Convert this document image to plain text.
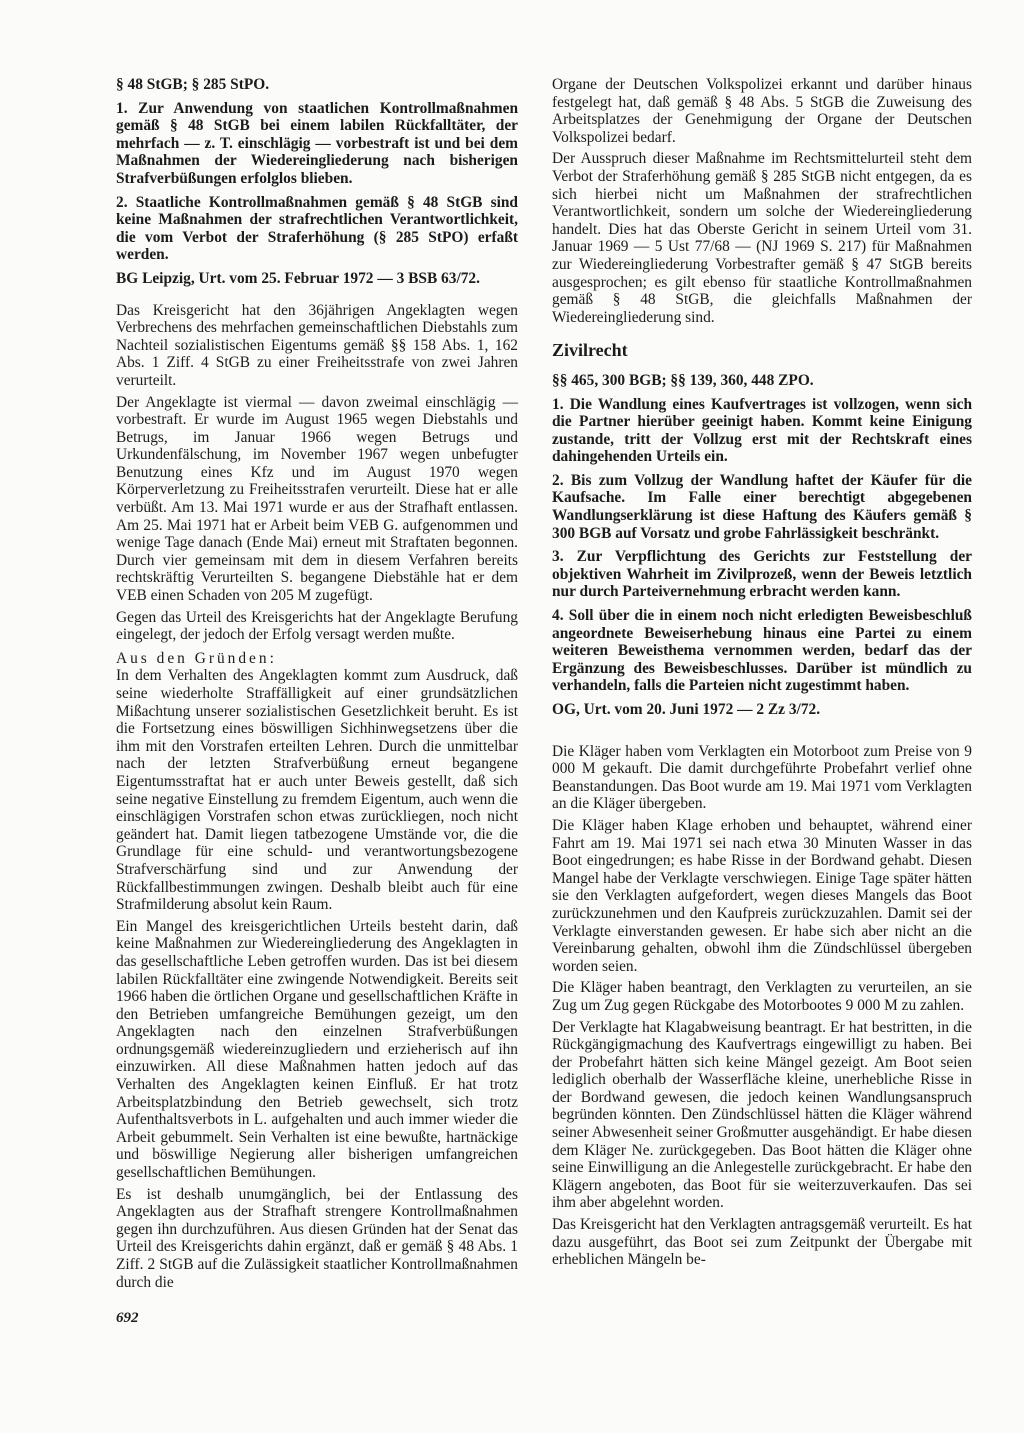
§ 48 StGB; § 285 StPO.

1. Zur Anwendung von staatlichen Kontrollmaßnahmen gemäß § 48 StGB bei einem labilen Rückfalltäter, der mehrfach — z. T. einschlägig — vorbestraft ist und bei dem Maßnahmen der Wiedereingliederung nach bisherigen Strafverbüßungen erfolglos blieben.

2. Staatliche Kontrollmaßnahmen gemäß § 48 StGB sind keine Maßnahmen der strafrechtlichen Verantwortlichkeit, die vom Verbot der Straferhöhung (§ 285 StPO) erfaßt werden.

BG Leipzig, Urt. vom 25. Februar 1972 — 3 BSB 63/72.

Das Kreisgericht hat den 36jährigen Angeklagten wegen Verbrechens des mehrfachen gemeinschaftlichen Diebstahls zum Nachteil sozialistischen Eigentums gemäß §§ 158 Abs. 1, 162 Abs. 1 Ziff. 4 StGB zu einer Freiheitsstrafe von zwei Jahren verurteilt.

Der Angeklagte ist viermal — davon zweimal einschlägig — vorbestraft. Er wurde im August 1965 wegen Diebstahls und Betrugs, im Januar 1966 wegen Betrugs und Urkundenfälschung, im November 1967 wegen unbefugter Benutzung eines Kfz und im August 1970 wegen Körperverletzung zu Freiheitsstrafen verurteilt. Diese hat er alle verbüßt. Am 13. Mai 1971 wurde er aus der Strafhaft entlassen. Am 25. Mai 1971 hat er Arbeit beim VEB G. aufgenommen und wenige Tage danach (Ende Mai) erneut mit Straftaten begonnen. Durch vier gemeinsam mit dem in diesem Verfahren bereits rechtskräftig Verurteilten S. begangene Diebstähle hat er dem VEB einen Schaden von 205 M zugefügt.

Gegen das Urteil des Kreisgerichts hat der Angeklagte Berufung eingelegt, der jedoch der Erfolg versagt werden mußte.

Aus den Gründen:

In dem Verhalten des Angeklagten kommt zum Ausdruck, daß seine wiederholte Straffälligkeit auf einer grundsätzlichen Mißachtung unserer sozialistischen Gesetzlichkeit beruht. Es ist die Fortsetzung eines böswilligen Sichhinwegsetzens über die ihm mit den Vorstrafen erteilten Lehren. Durch die unmittelbar nach der letzten Strafverbüßung erneut begangene Eigentumsstraftat hat er auch unter Beweis gestellt, daß sich seine negative Einstellung zu fremdem Eigentum, auch wenn die einschlägigen Vorstrafen schon etwas zurückliegen, noch nicht geändert hat. Damit liegen tatbezogene Umstände vor, die die Grundlage für eine schuld- und verantwortungsbezogene Strafverschärfung sind und zur Anwendung der Rückfallbestimmungen zwingen. Deshalb bleibt auch für eine Strafmilderung absolut kein Raum.

Ein Mangel des kreisgerichtlichen Urteils besteht darin, daß keine Maßnahmen zur Wiedereingliederung des Angeklagten in das gesellschaftliche Leben getroffen wurden. Das ist bei diesem labilen Rückfalltäter eine zwingende Notwendigkeit. Bereits seit 1966 haben die örtlichen Organe und gesellschaftlichen Kräfte in den Betrieben umfangreiche Bemühungen gezeigt, um den Angeklagten nach den einzelnen Strafverbüßungen ordnungsgemäß wiedereinzugliedern und erzieherisch auf ihn einzuwirken. All diese Maßnahmen hatten jedoch auf das Verhalten des Angeklagten keinen Einfluß. Er hat trotz Arbeitsplatzbindung den Betrieb gewechselt, sich trotz Aufenthaltsverbots in L. aufgehalten und auch immer wieder die Arbeit gebummelt. Sein Verhalten ist eine bewußte, hartnäckige und böswillige Negierung aller bisherigen umfangreichen gesellschaftlichen Bemühungen.

Es ist deshalb unumgänglich, bei der Entlassung des Angeklagten aus der Strafhaft strengere Kontrollmaßnahmen gegen ihn durchzuführen. Aus diesen Gründen hat der Senat das Urteil des Kreisgerichts dahin ergänzt, daß er gemäß § 48 Abs. 1 Ziff. 2 StGB auf die Zulässigkeit staatlicher Kontrollmaßnahmen durch die

Organe der Deutschen Volkspolizei erkannt und darüber hinaus festgelegt hat, daß gemäß § 48 Abs. 5 StGB die Zuweisung des Arbeitsplatzes der Genehmigung der Organe der Deutschen Volkspolizei bedarf.

Der Ausspruch dieser Maßnahme im Rechtsmittelurteil steht dem Verbot der Straferhöhung gemäß § 285 StGB nicht entgegen, da es sich hierbei nicht um Maßnahmen der strafrechtlichen Verantwortlichkeit, sondern um solche der Wiedereingliederung handelt. Dies hat das Oberste Gericht in seinem Urteil vom 31. Januar 1969 — 5 Ust 77/68 — (NJ 1969 S. 217) für Maßnahmen zur Wiedereingliederung Vorbestrafter gemäß § 47 StGB bereits ausgesprochen; es gilt ebenso für staatliche Kontrollmaßnahmen gemäß § 48 StGB, die gleichfalls Maßnahmen der Wiedereingliederung sind.

Zivilrecht

§§ 465, 300 BGB; §§ 139, 360, 448 ZPO.

1. Die Wandlung eines Kaufvertrages ist vollzogen, wenn sich die Partner hierüber geeinigt haben. Kommt keine Einigung zustande, tritt der Vollzug erst mit der Rechtskraft eines dahingehenden Urteils ein.

2. Bis zum Vollzug der Wandlung haftet der Käufer für die Kaufsache. Im Falle einer berechtigt abgegebenen Wandlungserklärung ist diese Haftung des Käufers gemäß § 300 BGB auf Vorsatz und grobe Fahrlässigkeit beschränkt.

3. Zur Verpflichtung des Gerichts zur Feststellung der objektiven Wahrheit im Zivilprozeß, wenn der Beweis letztlich nur durch Parteivernehmung erbracht werden kann.

4. Soll über die in einem noch nicht erledigten Beweisbeschluß angeordnete Beweiserhebung hinaus eine Partei zu einem weiteren Beweisthema vernommen werden, bedarf das der Ergänzung des Beweisbeschlusses. Darüber ist mündlich zu verhandeln, falls die Parteien nicht zugestimmt haben.

OG, Urt. vom 20. Juni 1972 — 2 Zz 3/72.

Die Kläger haben vom Verklagten ein Motorboot zum Preise von 9 000 M gekauft. Die damit durchgeführte Probefahrt verlief ohne Beanstandungen. Das Boot wurde am 19. Mai 1971 vom Verklagten an die Kläger übergeben.

Die Kläger haben Klage erhoben und behauptet, während einer Fahrt am 19. Mai 1971 sei nach etwa 30 Minuten Wasser in das Boot eingedrungen; es habe Risse in der Bordwand gehabt. Diesen Mangel habe der Verklagte verschwiegen. Einige Tage später hätten sie den Verklagten aufgefordert, wegen dieses Mangels das Boot zurückzunehmen und den Kaufpreis zurückzuzahlen. Damit sei der Verklagte einverstanden gewesen. Er habe sich aber nicht an die Vereinbarung gehalten, obwohl ihm die Zündschlüssel übergeben worden seien.

Die Kläger haben beantragt, den Verklagten zu verurteilen, an sie Zug um Zug gegen Rückgabe des Motorbootes 9 000 M zu zahlen.

Der Verklagte hat Klagabweisung beantragt. Er hat bestritten, in die Rückgängigmachung des Kaufvertrags eingewilligt zu haben. Bei der Probefahrt hätten sich keine Mängel gezeigt. Am Boot seien lediglich oberhalb der Wasserfläche kleine, unerhebliche Risse in der Bordwand gewesen, die jedoch keinen Wandlungsanspruch begründen könnten. Den Zündschlüssel hätten die Kläger während seiner Abwesenheit seiner Großmutter ausgehändigt. Er habe diesen dem Kläger Ne. zurückgegeben. Das Boot hätten die Kläger ohne seine Einwilligung an die Anlegestelle zurückgebracht. Er habe den Klägern angeboten, das Boot für sie weiterzuverkaufen. Das sei ihm aber abgelehnt worden.

Das Kreisgericht hat den Verklagten antragsgemäß verurteilt. Es hat dazu ausgeführt, das Boot sei zum Zeitpunkt der Übergabe mit erheblichen Mängeln be-

692
